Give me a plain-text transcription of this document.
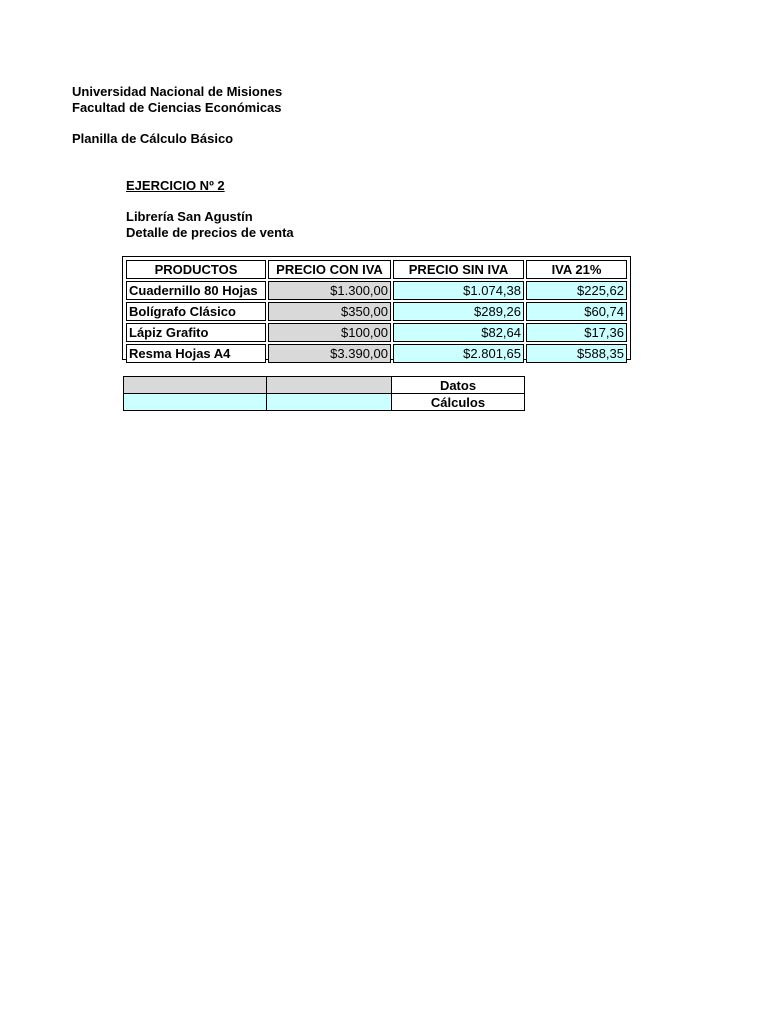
Universidad Nacional de Misiones
Facultad de Ciencias Económicas
Planilla de Cálculo Básico
EJERCICIO Nº 2
Librería San Agustín
Detalle de precios de venta
PRODUCTOS	PRECIO CON IVA	PRECIO SIN IVA	IVA 21%
Cuadernillo 80 Hojas	$1.300,00	$1.074,38	$225,62
Bolígrafo Clásico	$350,00	$289,26	$60,74
Lápiz Grafito	$100,00	$82,64	$17,36
Resma Hojas A4	$3.390,00	$2.801,65	$588,35
		Datos
		Cálculos
